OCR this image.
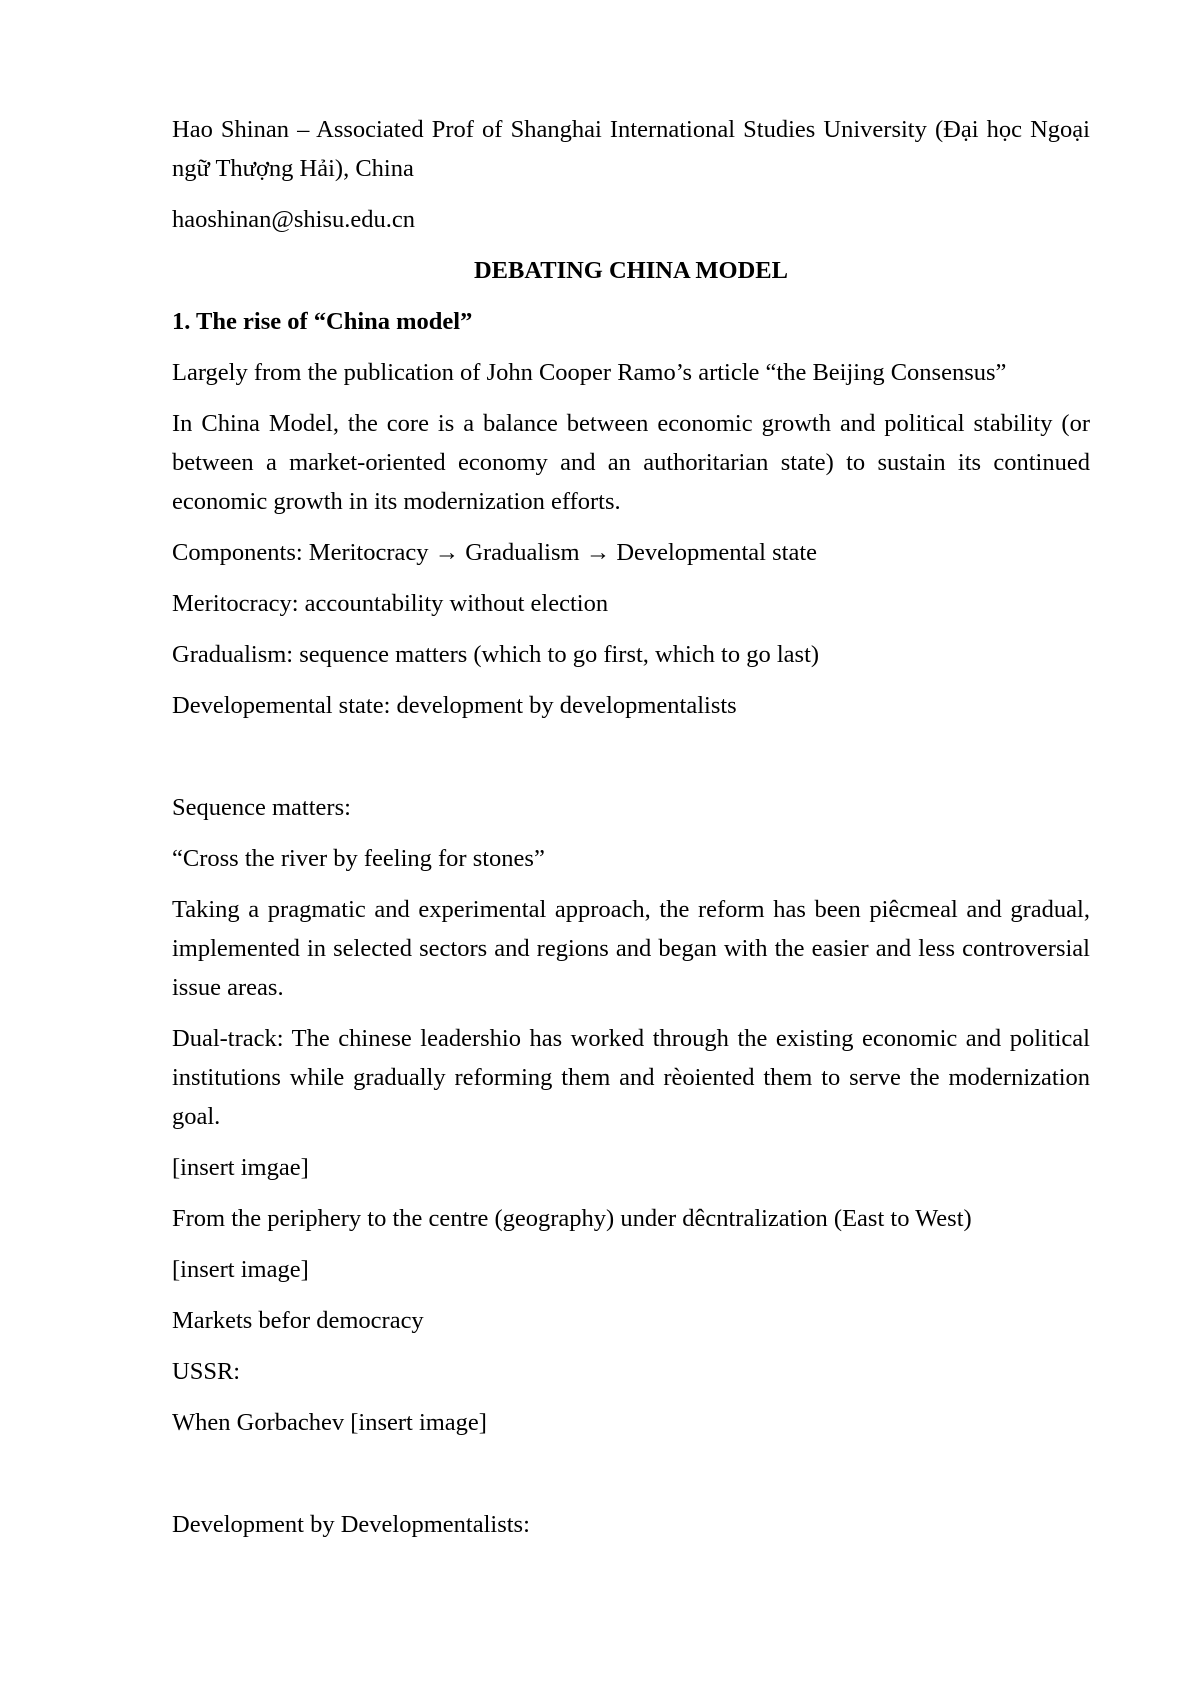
Hao Shinan – Associated Prof of Shanghai International Studies University (Đại học Ngoại ngữ Thượng Hải), China

haoshinan@shisu.edu.cn

DEBATING CHINA MODEL

1. The rise of “China model”

Largely from the publication of John Cooper Ramo’s article “the Beijing Consensus”

In China Model, the core is a balance between economic growth and political stability (or between a market-oriented economy and an authoritarian state) to sustain its continued economic growth in its modernization efforts.

Components: Meritocracy → Gradualism → Developmental state

Meritocracy: accountability without election

Gradualism: sequence matters (which to go first, which to go last)

Developemental state: development by developmentalists

Sequence matters:

“Cross the river by feeling for stones”

Taking a pragmatic and experimental approach, the reform has been piêcmeal and gradual, implemented in selected sectors and regions and began with the easier and less controversial issue areas.

Dual-track: The chinese leadershio has worked through the existing economic and political institutions while gradually reforming them and rèoiented them to serve the modernization goal.

[insert imgae]

From the periphery to the centre (geography) under dêcntralization (East to West)

[insert image]

Markets befor democracy

USSR:

When Gorbachev [insert image]

Development by Developmentalists:
